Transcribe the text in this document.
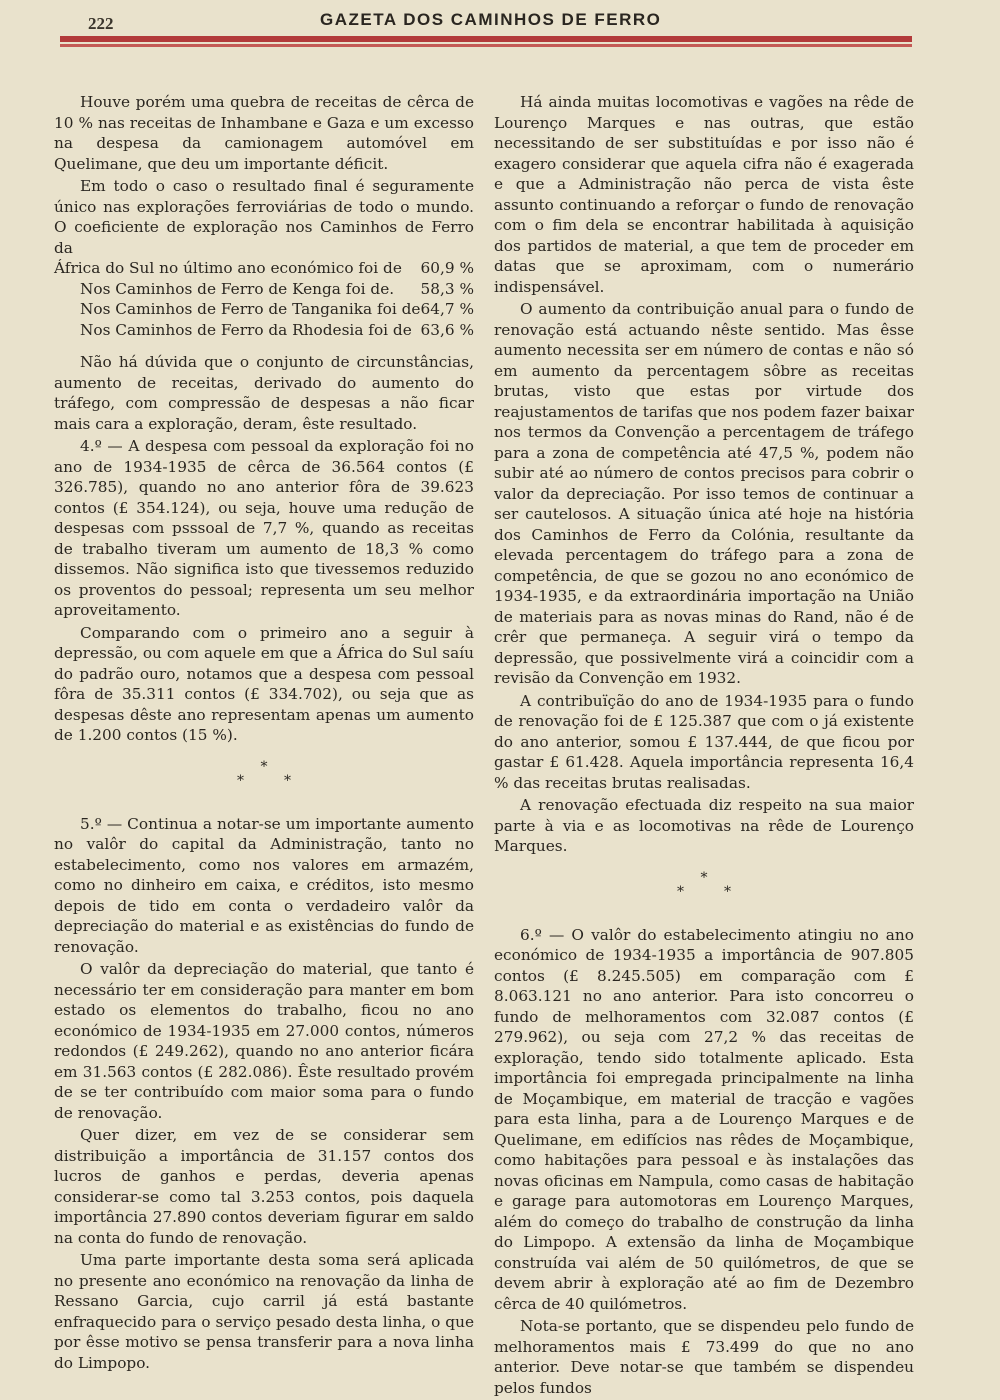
222	GAZETA DOS CAMINHOS DE FERRO

Houve porém uma quebra de receitas de cêrca de 10 % nas receitas de Inhambane e Gaza e um excesso na despesa da camionagem automóvel em Quelimane, que deu um importante déficit.

Em todo o caso o resultado final é seguramente único nas explorações ferroviárias de todo o mundo. O coeficiente de exploração nos Caminhos de Ferro da

África do Sul no último ano económico foi de 60,9 %
Nos Caminhos de Ferro de Kenga foi de. 58,3 %
Nos Caminhos de Ferro de Tanganika foi de 64,7 %
Nos Caminhos de Ferro da Rhodesia foi de 63,6 %

Não há dúvida que o conjunto de circunstâncias, aumento de receitas, derivado do aumento do tráfego, com compressão de despesas a não ficar mais cara a exploração, deram, êste resultado.

4.º — A despesa com pessoal da exploração foi no ano de 1934-1935 de cêrca de 36.564 contos (£ 326.785), quando no ano anterior fôra de 39.623 contos (£ 354.124), ou seja, houve uma redução de despesas com psssoal de 7,7 %, quando as receitas de trabalho tiveram um aumento de 18,3 % como dissemos. Não significa isto que tivessemos reduzido os proventos do pessoal; representa um seu melhor aproveitamento.

Comparando com o primeiro ano a seguir à depressão, ou com aquele em que a África do Sul saíu do padrão ouro, notamos que a despesa com pessoal fôra de 35.311 contos (£ 334.702), ou seja que as despesas dêste ano representam apenas um aumento de 1.200 contos (15 %).

*
**

5.º — Continua a notar-se um importante aumento no valôr do capital da Administração, tanto no estabelecimento, como nos valores em armazém, como no dinheiro em caixa, e créditos, isto mesmo depois de tido em conta o verdadeiro valôr da depreciação do material e as existências do fundo de renovação.

O valôr da depreciação do material, que tanto é necessário ter em consideração para manter em bom estado os elementos do trabalho, ficou no ano económico de 1934-1935 em 27.000 contos, números redondos (£ 249.262), quando no ano anterior ficára em 31.563 contos (£ 282.086). Êste resultado provém de se ter contribuído com maior soma para o fundo de renovação.

Quer dizer, em vez de se considerar sem distribuição a importância de 31.157 contos dos lucros de ganhos e perdas, deveria apenas considerar-se como tal 3.253 contos, pois daquela importância 27.890 contos deveriam figurar em saldo na conta do fundo de renovação.

Uma parte importante desta soma será aplicada no presente ano económico na renovação da linha de Ressano Garcia, cujo carril já está bastante enfraquecido para o serviço pesado desta linha, o que por êsse motivo se pensa transferir para a nova linha do Limpopo.

Há ainda muitas locomotivas e vagões na rêde de Lourenço Marques e nas outras, que estão necessitando de ser substituídas e por isso não é exagero considerar que aquela cifra não é exagerada e que a Administração não perca de vista êste assunto continuando a reforçar o fundo de renovação com o fim dela se encontrar habilitada à aquisição dos partidos de material, a que tem de proceder em datas que se aproximam, com o numerário indispensável.

O aumento da contribuição anual para o fundo de renovação está actuando nêste sentido. Mas êsse aumento necessita ser em número de contas e não só em aumento da percentagem sôbre as receitas brutas, visto que estas por virtude dos reajustamentos de tarifas que nos podem fazer baixar nos termos da Convenção a percentagem de tráfego para a zona de competência até 47,5 %, podem não subir até ao número de contos precisos para cobrir o valor da depreciação. Por isso temos de continuar a ser cautelosos. A situação única até hoje na história dos Caminhos de Ferro da Colónia, resultante da elevada percentagem do tráfego para a zona de competência, de que se gozou no ano económico de 1934-1935, e da extraordinária importação na União de materiais para as novas minas do Rand, não é de crêr que permaneça. A seguir virá o tempo da depressão, que possivelmente virá a coincidir com a revisão da Convenção em 1932.

A contribuïção do ano de 1934-1935 para o fundo de renovação foi de £ 125.387 que com o já existente do ano anterior, somou £ 137.444, de que ficou por gastar £ 61.428. Aquela importância representa 16,4 % das receitas brutas realisadas.

A renovação efectuada diz respeito na sua maior parte à via e as locomotivas na rêde de Lourenço Marques.

*
**

6.º — O valôr do estabelecimento atingiu no ano económico de 1934-1935 a importância de 907.805 contos (£ 8.245.505) em comparação com £ 8.063.121 no ano anterior. Para isto concorreu o fundo de melhoramentos com 32.087 contos (£ 279.962), ou seja com 27,2 % das receitas de exploração, tendo sido totalmente aplicado. Esta importância foi empregada principalmente na linha de Moçambique, em material de tracção e vagões para esta linha, para a de Lourenço Marques e de Quelimane, em edifícios nas rêdes de Moçambique, como habitações para pessoal e às instalações das novas oficinas em Nampula, como casas de habitação e garage para automotoras em Lourenço Marques, além do começo do trabalho de construção da linha do Limpopo. A extensão da linha de Moçambique construída vai além de 50 quilómetros, de que se devem abrir à exploração até ao fim de Dezembro cêrca de 40 quilómetros.

Nota-se portanto, que se dispendeu pelo fundo de melhoramentos mais £ 73.499 do que no ano anterior. Deve notar-se que também se dispendeu pelos fundos
